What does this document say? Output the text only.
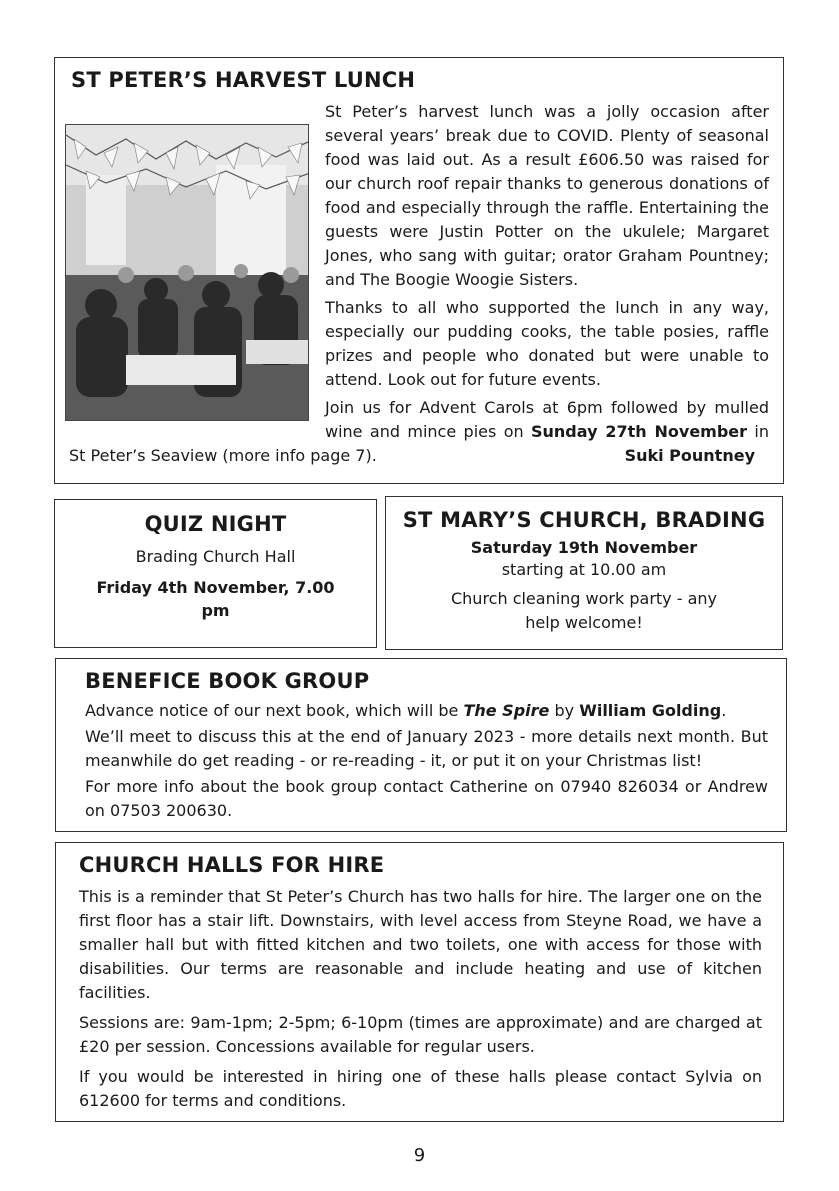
ST PETER’S HARVEST LUNCH

St Peter’s harvest lunch was a jolly occasion after several years’ break due to COVID. Plenty of seasonal food was laid out. As a result £606.50 was raised for our church roof repair thanks to generous donations of food and especially through the raffle. Entertaining the guests were Justin Potter on the ukulele; Margaret Jones, who sang with guitar; orator Graham Pountney; and The Boogie Woogie Sisters.

Thanks to all who supported the lunch in any way, especially our pudding cooks, the table posies, raffle prizes and people who donated but were unable to attend. Look out for future events.

Join us for Advent Carols at 6pm followed by mulled wine and mince pies on Sunday 27th November in St Peter’s Seaview (more info page 7).	Suki Pountney

QUIZ NIGHT

Brading Church Hall

Friday 4th November, 7.00 pm

ST MARY’S CHURCH, BRADING

Saturday 19th November

starting at 10.00 am

Church cleaning work party - any help welcome!

BENEFICE BOOK GROUP

Advance notice of our next book, which will be The Spire by William Golding.

We’ll meet to discuss this at the end of January 2023 - more details next month. But meanwhile do get reading - or re-reading - it, or put it on your Christmas list!

For more info about the book group contact Catherine on 07940 826034 or Andrew on 07503 200630.

CHURCH HALLS FOR HIRE

This is a reminder that St Peter’s Church has two halls for hire. The larger one on the first floor has a stair lift. Downstairs, with level access from Steyne Road, we have a smaller hall but with fitted kitchen and two toilets, one with access for those with disabilities. Our terms are reasonable and include heating and use of kitchen facilities.

Sessions are: 9am-1pm; 2-5pm; 6-10pm (times are approximate) and are charged at £20 per session. Concessions available for regular users.

If you would be interested in hiring one of these halls please contact Sylvia on 612600 for terms and conditions.

9
